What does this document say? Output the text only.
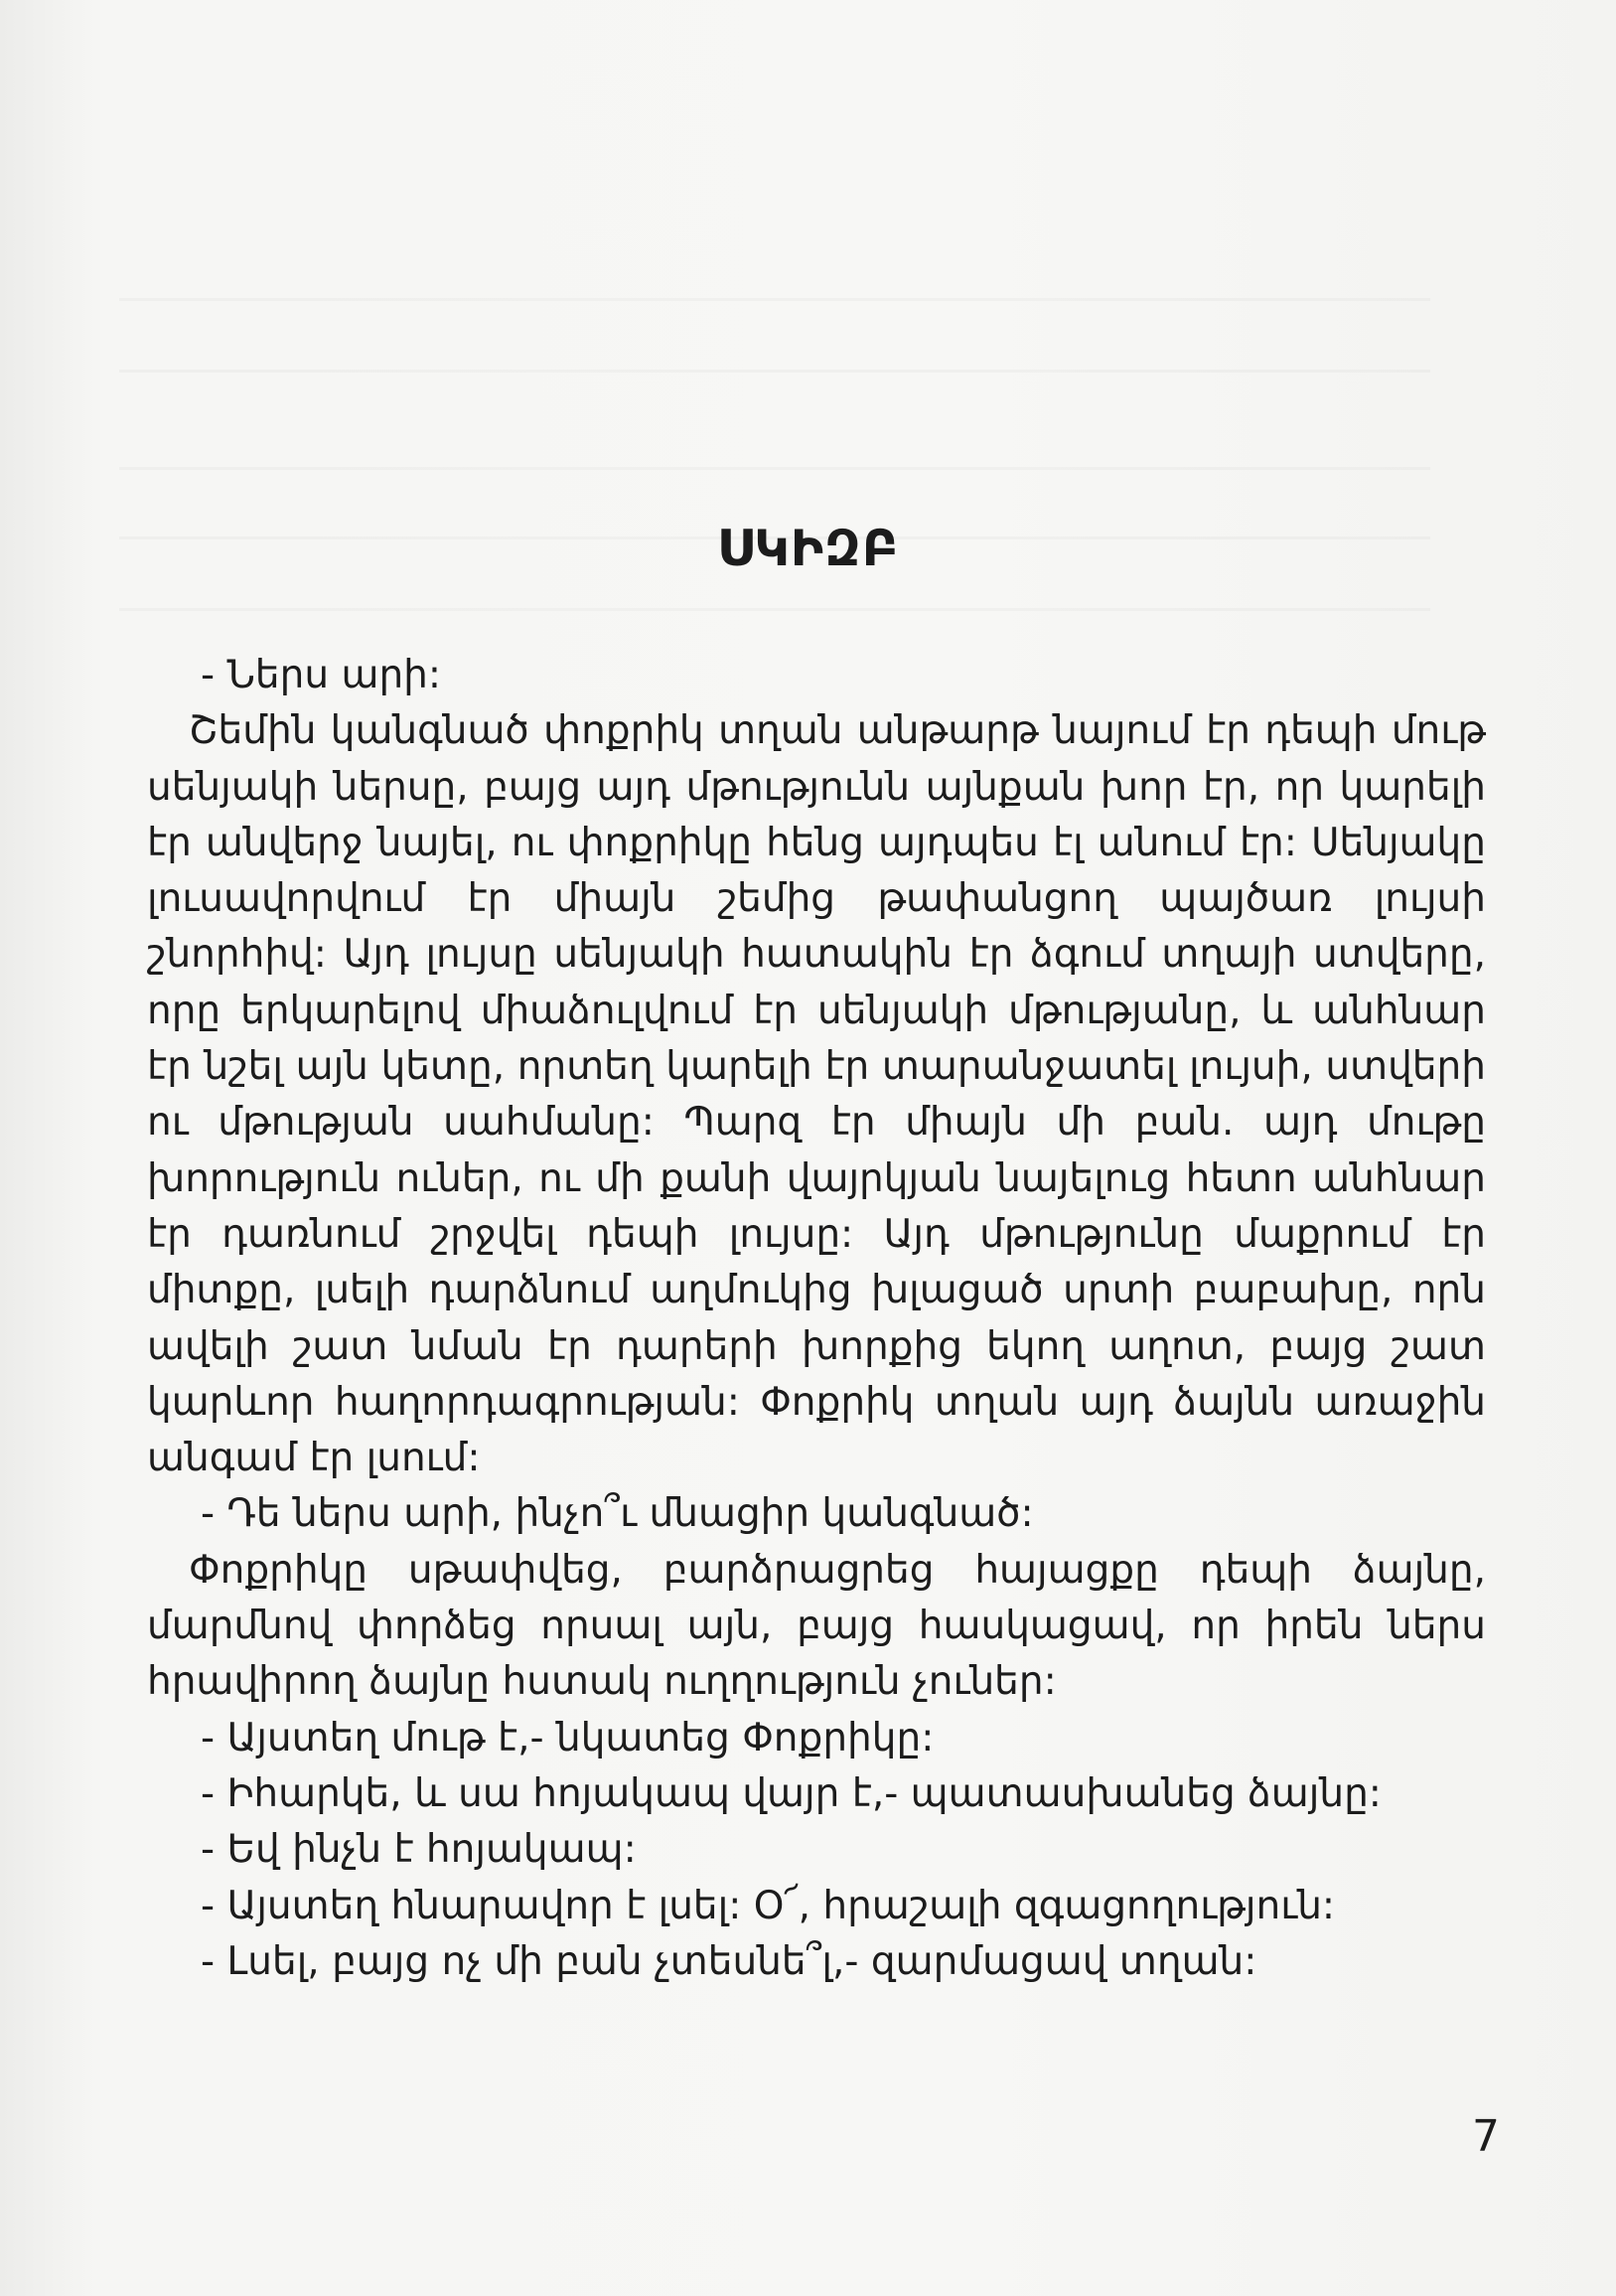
ՍԿԻԶԲ

- Ներս արի:

Շեմին կանգնած փոքրիկ տղան անթարթ նայում էր դեպի մութ սենյակի ներսը, բայց այդ մթությունն այնքան խոր էր, որ կարելի էր անվերջ նայել, ու փոքրիկը հենց այդպես էլ անում էր: Սենյակը լուսավորվում էր միայն շեմից թափանցող պայծառ լույսի շնորհիվ: Այդ լույսը սենյակի հատակին էր ձգում տղայի ստվերը, որը երկարելով միաձուլվում էր սենյակի մթությանը, և անհնար էր նշել այն կետը, որտեղ կարելի էր տարանջատել լույսի, ստվերի ու մթության սահմանը: Պարզ էր միայն մի բան. այդ մութը խորություն ուներ, ու մի քանի վայրկյան նայելուց հետո անհնար էր դառնում շրջվել դեպի լույսը: Այդ մթությունը մաքրում էր միտքը, լսելի դարձնում աղմուկից խլացած սրտի բաբախը, որն ավելի շատ նման էր դարերի խորքից եկող աղոտ, բայց շատ կարևոր հաղորդագրության: Փոքրիկ տղան այդ ձայնն առաջին անգամ էր լսում:

- Դե ներս արի, ինչո՞ւ մնացիր կանգնած:

Փոքրիկը սթափվեց, բարձրացրեց հայացքը դեպի ձայնը, մարմնով փորձեց որսալ այն, բայց հասկացավ, որ իրեն ներս հրավիրող ձայնը հստակ ուղղություն չուներ:

- Այստեղ մութ է,- նկատեց Փոքրիկը:

- Իհարկե, և սա հոյակապ վայր է,- պատասխանեց ձայնը:

- Եվ ինչն է հոյակապ:

- Այստեղ հնարավոր է լսել: Օ՜, հրաշալի զգացողություն:

- Լսել, բայց ոչ մի բան չտեսնե՞լ,- զարմացավ տղան:

7
